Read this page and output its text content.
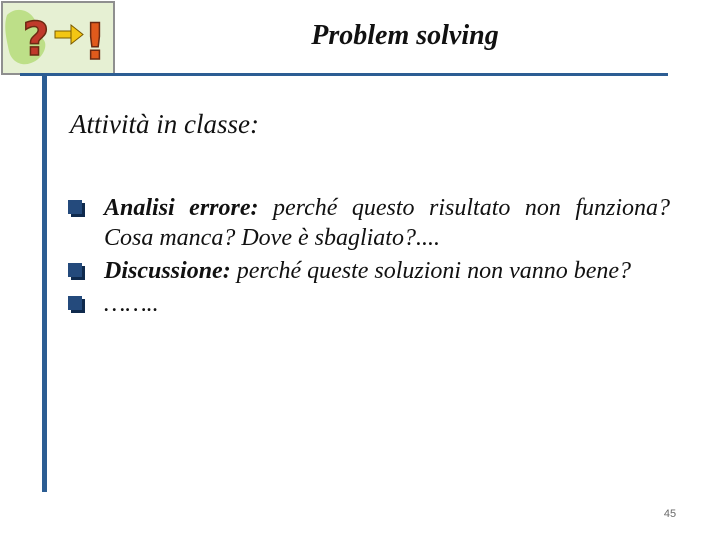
? !	Problem solving
Attività in classe:
Analisi errore: perché questo risultato non funziona? Cosa manca? Dove è sbagliato?....
Discussione: perché queste soluzioni non vanno bene?
……..
45
